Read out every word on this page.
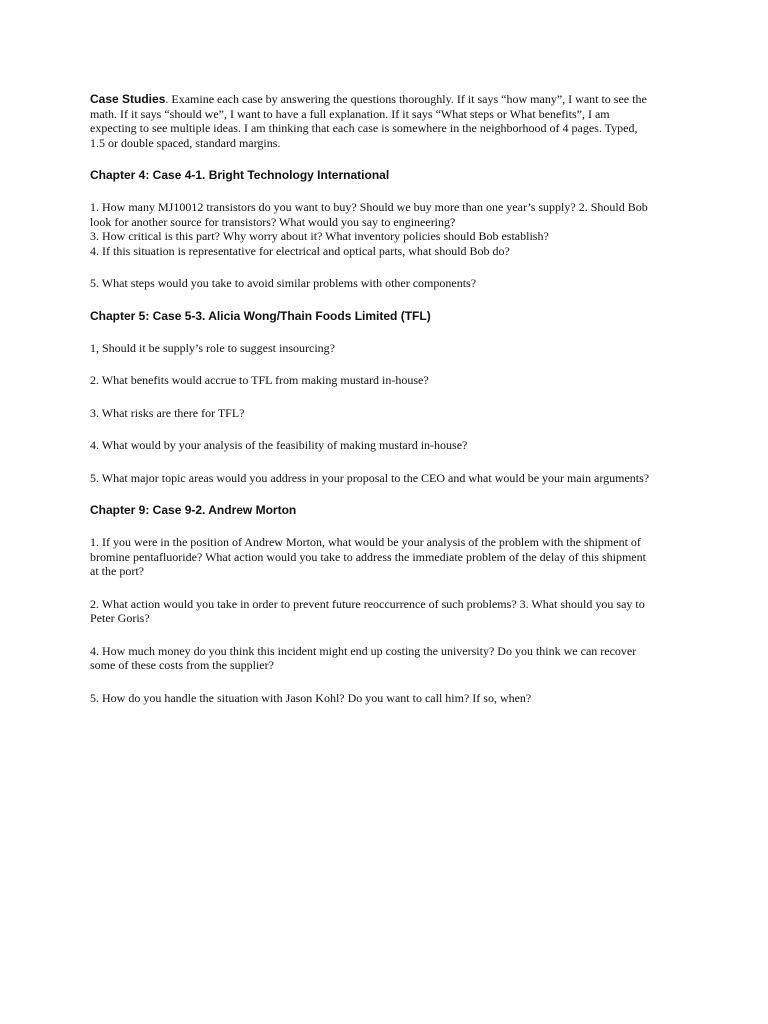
Case Studies. Examine each case by answering the questions thoroughly. If it says “how many”, I want to see the
math. If it says “should we”, I want to have a full explanation. If it says “What steps or What benefits”, I am
expecting to see multiple ideas. I am thinking that each case is somewhere in the neighborhood of 4 pages. Typed,
1.5 or double spaced, standard margins.

Chapter 4: Case 4-1. Bright Technology International

1. How many MJ10012 transistors do you want to buy? Should we buy more than one year’s supply? 2. Should Bob
look for another source for transistors? What would you say to engineering?
3. How critical is this part? Why worry about it? What inventory policies should Bob establish?
4. If this situation is representative for electrical and optical parts, what should Bob do?

5. What steps would you take to avoid similar problems with other components?

Chapter 5: Case 5-3. Alicia Wong/Thain Foods Limited (TFL)

1, Should it be supply’s role to suggest insourcing?

2. What benefits would accrue to TFL from making mustard in-house?

3. What risks are there for TFL?

4. What would by your analysis of the feasibility of making mustard in-house?

5. What major topic areas would you address in your proposal to the CEO and what would be your main arguments?

Chapter 9: Case 9-2. Andrew Morton

1. If you were in the position of Andrew Morton, what would be your analysis of the problem with the shipment of
bromine pentafluoride? What action would you take to address the immediate problem of the delay of this shipment
at the port?

2. What action would you take in order to prevent future reoccurrence of such problems? 3. What should you say to
Peter Goris?

4. How much money do you think this incident might end up costing the university? Do you think we can recover
some of these costs from the supplier?

5. How do you handle the situation with Jason Kohl? Do you want to call him? If so, when?
